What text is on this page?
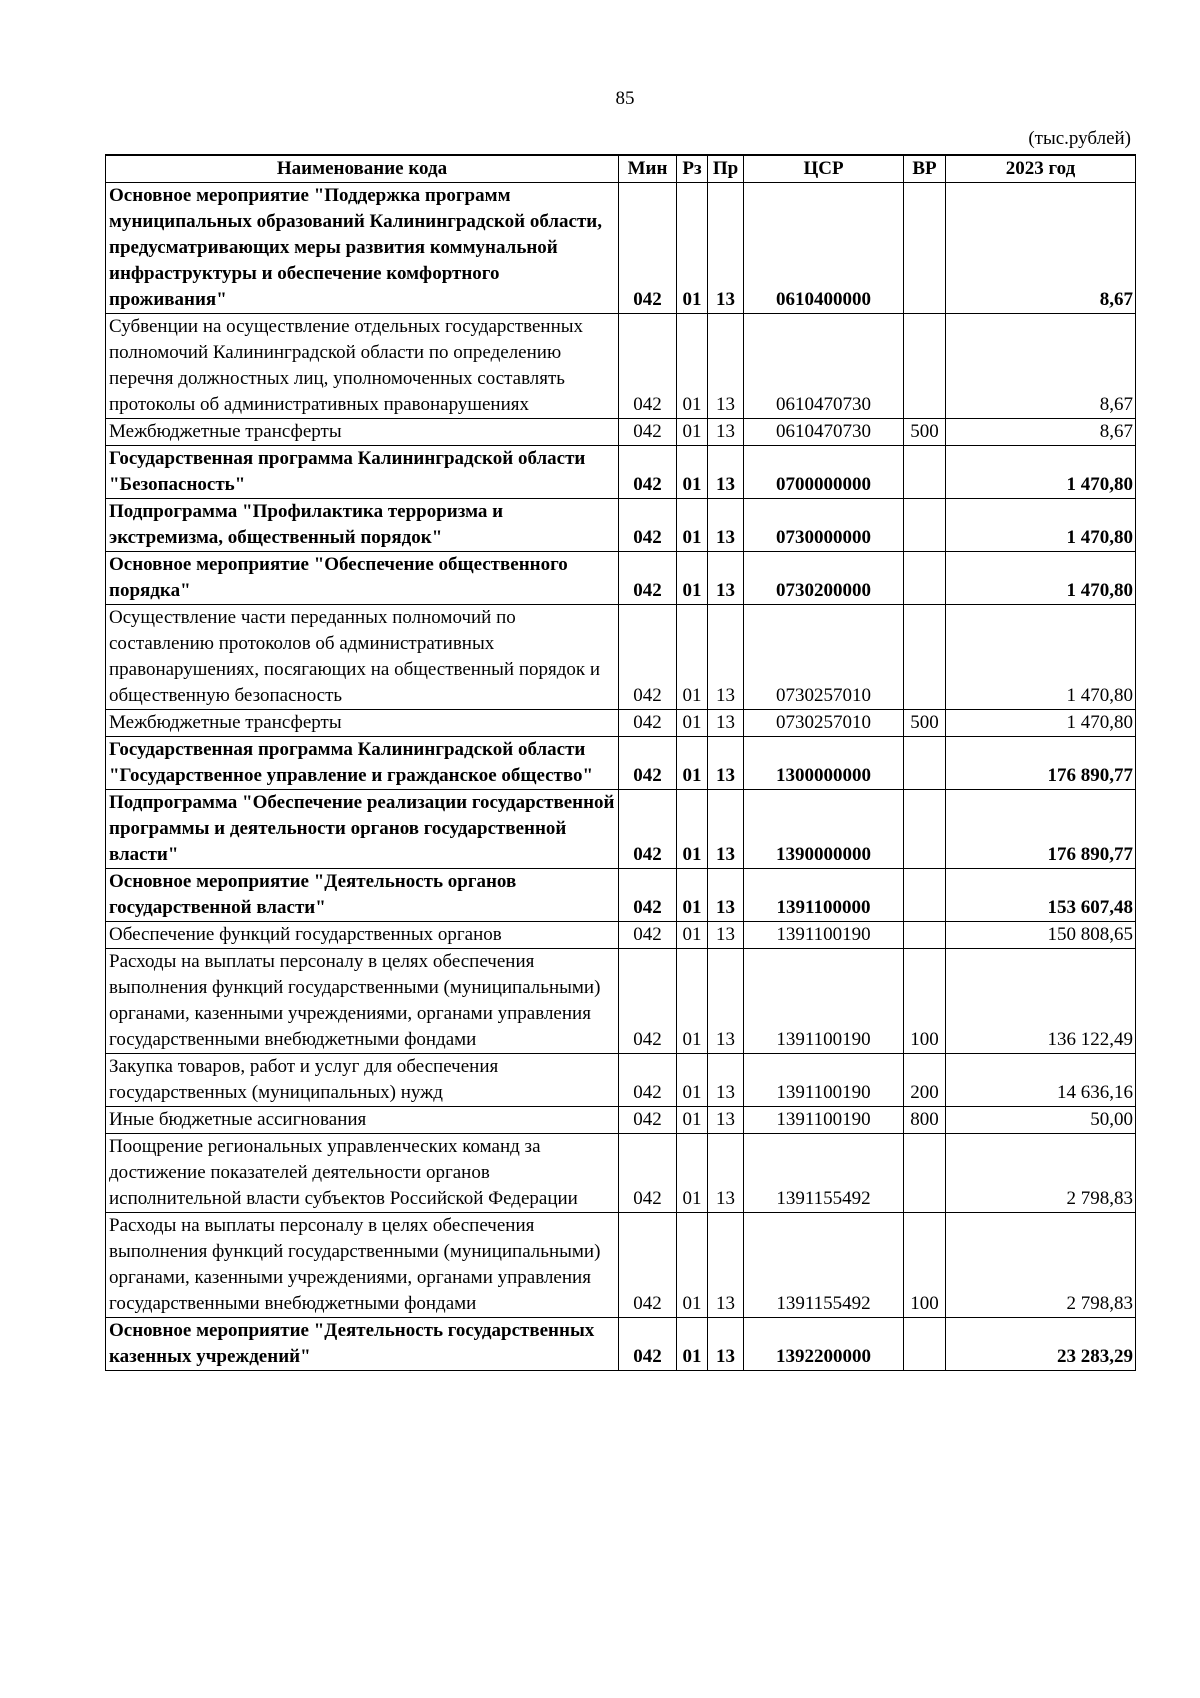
85
(тыс.рублей)
Наименование кода	Мин	Рз	Пр	ЦСР	ВР	2023 год
Основное мероприятие "Поддержка программ муниципальных образований Калининградской области, предусматривающих меры развития коммунальной инфраструктуры и обеспечение комфортного проживания"	042	01	13	0610400000		8,67
Субвенции на осуществление отдельных государственных полномочий Калининградской области по определению перечня должностных лиц, уполномоченных составлять протоколы об административных правонарушениях	042	01	13	0610470730		8,67
Межбюджетные трансферты	042	01	13	0610470730	500	8,67
Государственная программа Калининградской области "Безопасность"	042	01	13	0700000000		1 470,80
Подпрограмма "Профилактика терроризма и экстремизма, общественный порядок"	042	01	13	0730000000		1 470,80
Основное мероприятие "Обеспечение общественного порядка"	042	01	13	0730200000		1 470,80
Осуществление части переданных полномочий по составлению протоколов об административных правонарушениях, посягающих на общественный порядок и общественную безопасность	042	01	13	0730257010		1 470,80
Межбюджетные трансферты	042	01	13	0730257010	500	1 470,80
Государственная программа Калининградской области "Государственное управление и гражданское общество"	042	01	13	1300000000		176 890,77
Подпрограмма "Обеспечение реализации государственной программы и деятельности органов государственной власти"	042	01	13	1390000000		176 890,77
Основное мероприятие "Деятельность органов государственной власти"	042	01	13	1391100000		153 607,48
Обеспечение функций государственных органов	042	01	13	1391100190		150 808,65
Расходы на выплаты персоналу в целях обеспечения выполнения функций государственными (муниципальными) органами, казенными учреждениями, органами управления государственными внебюджетными фондами	042	01	13	1391100190	100	136 122,49
Закупка товаров, работ и услуг для обеспечения государственных (муниципальных) нужд	042	01	13	1391100190	200	14 636,16
Иные бюджетные ассигнования	042	01	13	1391100190	800	50,00
Поощрение региональных управленческих команд за достижение показателей деятельности органов исполнительной власти субъектов Российской Федерации	042	01	13	1391155492		2 798,83
Расходы на выплаты персоналу в целях обеспечения выполнения функций государственными (муниципальными) органами, казенными учреждениями, органами управления государственными внебюджетными фондами	042	01	13	1391155492	100	2 798,83
Основное мероприятие "Деятельность государственных казенных учреждений"	042	01	13	1392200000		23 283,29
